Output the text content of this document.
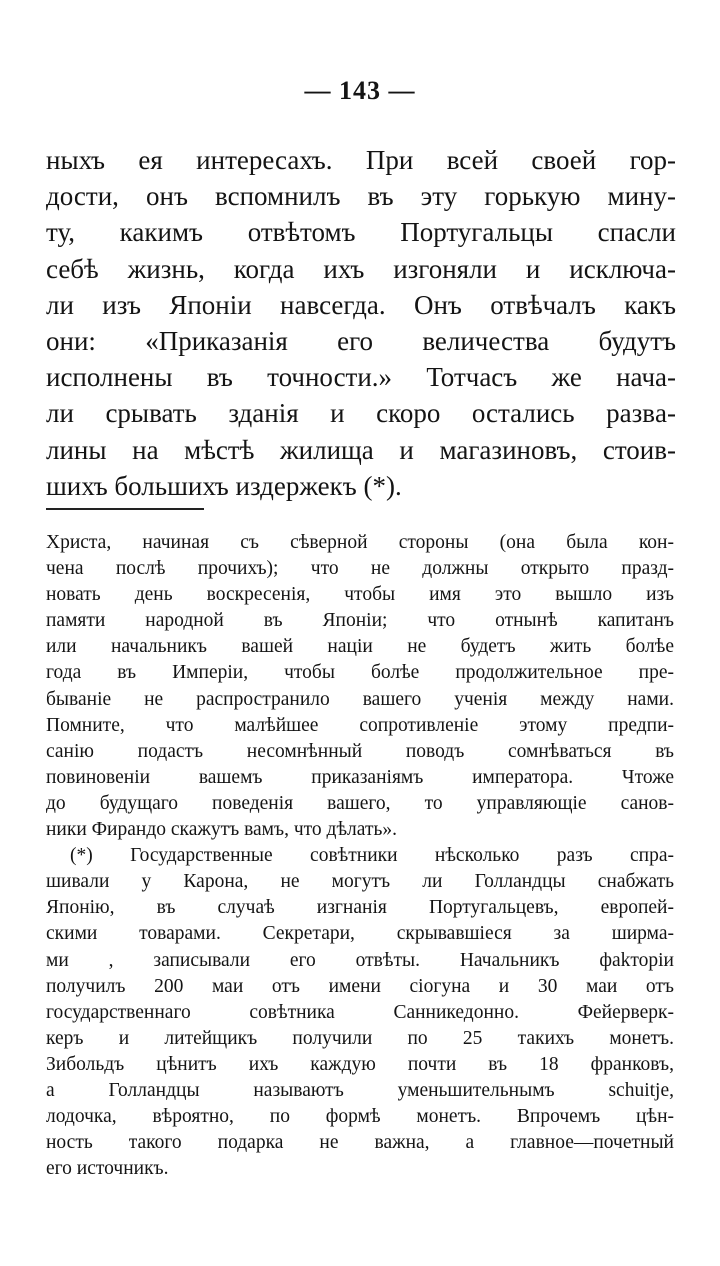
— 143 —
ныхъ ея интересахъ. При всей своей гор-
дости, онъ вспомнилъ въ эту горькую мину-
ту, какимъ отвѣтомъ Португальцы спасли
себѣ жизнь, когда ихъ изгоняли и исключа-
ли изъ Японіи навсегда. Онъ отвѣчалъ какъ
они: «Приказанія его величества будутъ
исполнены въ точности.» Тотчасъ же нача-
ли срывать зданія и скоро остались развa-
лины на мѣстѣ жилища и магазиновъ, стоив-
шихъ большихъ издержекъ (*).
Христа, начиная съ сѣверной стороны (она была кон-
чена послѣ прочихъ); что не должны открыто празд-
новать день воскресенія, чтобы имя это вышло изъ
памяти народной въ Японіи; что отнынѣ капитанъ
или начальникъ вашей націи не будетъ жить болѣе
года въ Имперіи, чтобы болѣе продолжительное пре-
бываніе не распространило вашего ученія между нами.
Помните, что малѣйшее сопротивленіе этому предпи-
санію подастъ несомнѣнный поводъ сомнѣваться въ
повиновеніи вашемъ приказаніямъ императора. Чтоже
до будущаго поведенія вашего, то управляющіе санов-
ники Фирандо скажутъ вамъ, что дѣлать».
(*) Государственные совѣтники нѣсколько разъ спра-
шивали у Карона, не могутъ ли Голландцы снабжать
Японію, въ случаѣ изгнанія Португальцевъ, европей-
скими товарами. Секретари, скрывавшіеся за ширма-
ми , записывали его отвѣты. Начальникъ фakторіи
получилъ 200 маи отъ имени сіогуна и 30 маи отъ
государственнаго совѣтника Санникедонно. Фейерверк-
керъ и литейщикъ получили по 25 такихъ монетъ.
Зибольдъ цѣнитъ ихъ каждую почти въ 18 франковъ,
а Голландцы называютъ уменьшительнымъ schuitje,
лодочка, вѣроятно, по формѣ монетъ. Впрочемъ цѣн-
ность такого подарка не важна, а главное—почетный
его источникъ.
